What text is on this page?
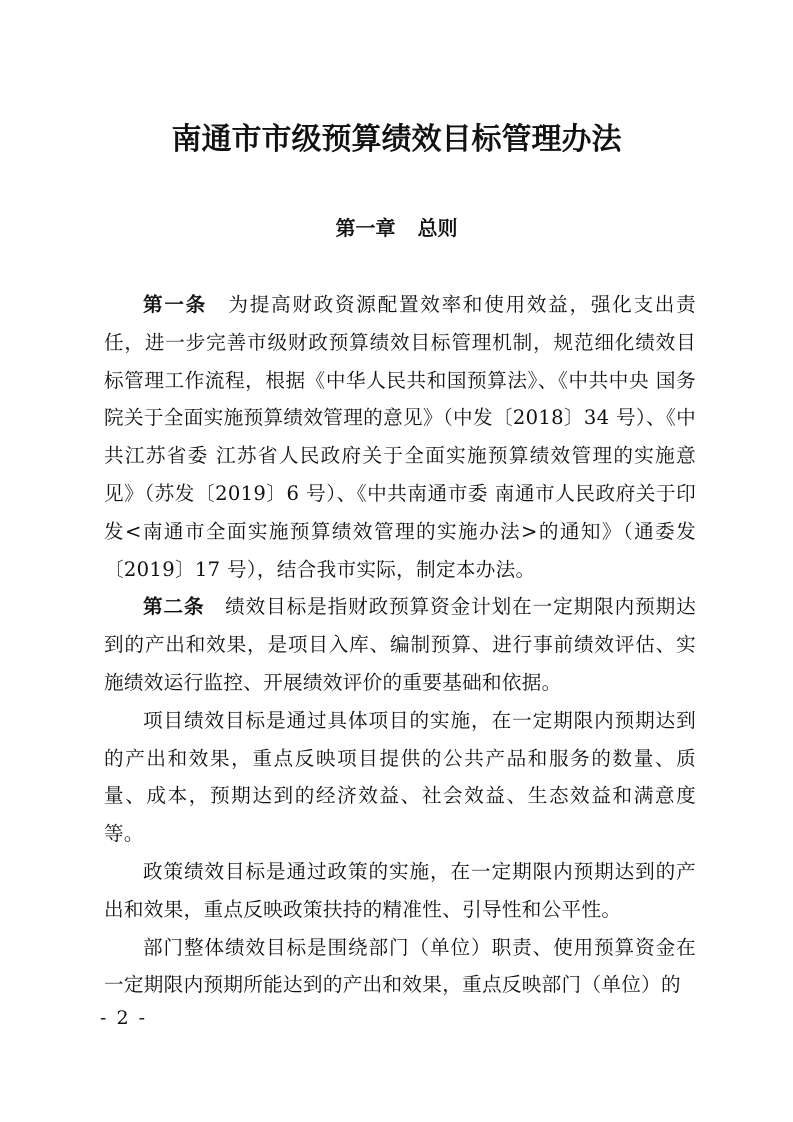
南通市市级预算绩效目标管理办法
第一章 总则

第一条 为提高财政资源配置效率和使用效益，强化支出责任，进一步完善市级财政预算绩效目标管理机制，规范细化绩效目标管理工作流程，根据《中华人民共和国预算法》、《中共中央 国务院关于全面实施预算绩效管理的意见》（中发〔2018〕34 号）、《中共江苏省委 江苏省人民政府关于全面实施预算绩效管理的实施意见》（苏发〔2019〕6 号）、《中共南通市委 南通市人民政府关于印发<南通市全面实施预算绩效管理的实施办法>的通知》（通委发〔2019〕17 号），结合我市实际，制定本办法。

第二条 绩效目标是指财政预算资金计划在一定期限内预期达到的产出和效果，是项目入库、编制预算、进行事前绩效评估、实施绩效运行监控、开展绩效评价的重要基础和依据。

项目绩效目标是通过具体项目的实施，在一定期限内预期达到的产出和效果，重点反映项目提供的公共产品和服务的数量、质量、成本，预期达到的经济效益、社会效益、生态效益和满意度等。

政策绩效目标是通过政策的实施，在一定期限内预期达到的产出和效果，重点反映政策扶持的精准性、引导性和公平性。

部门整体绩效目标是围绕部门（单位）职责、使用预算资金在一定期限内预期所能达到的产出和效果，重点反映部门（单位）的

- 2 -
